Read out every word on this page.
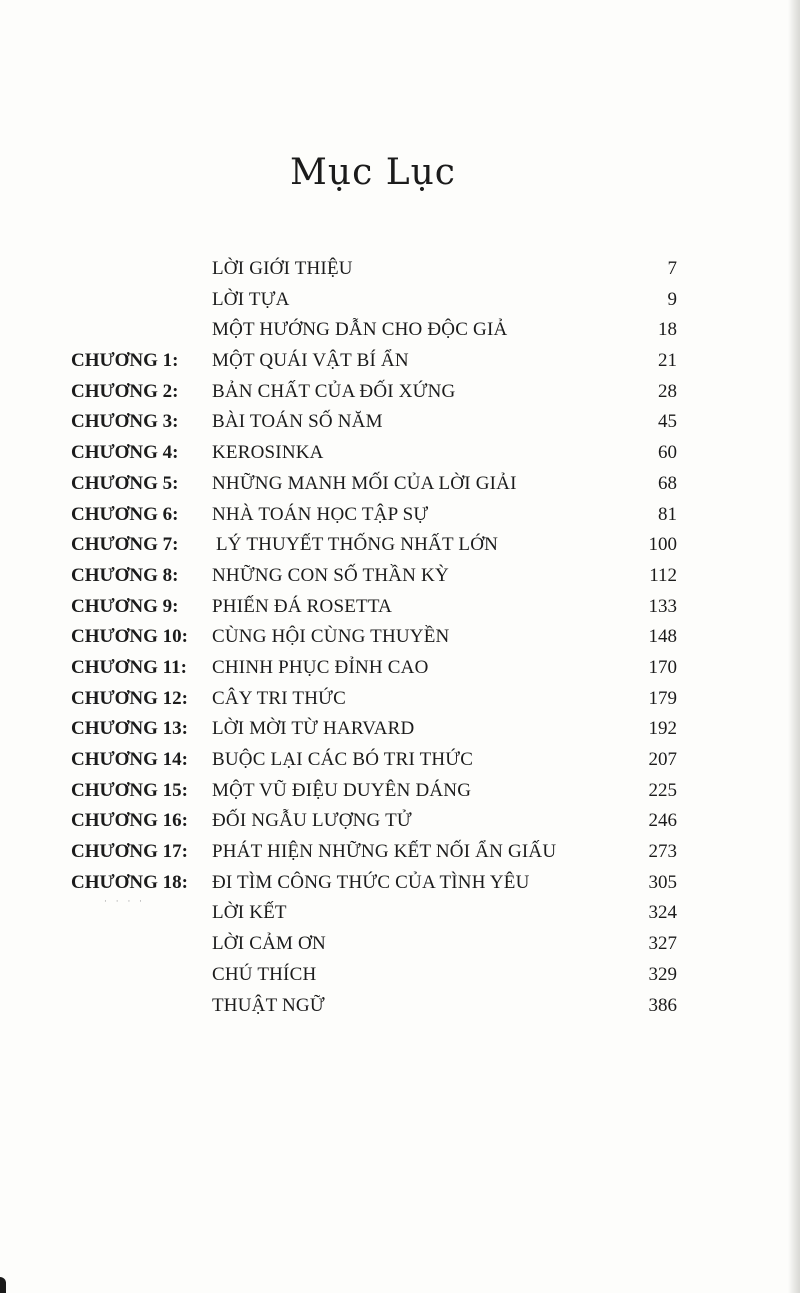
Mục Lục
LỜI GIỚI THIỆU	7
LỜI TỰA	9
MỘT HƯỚNG DẪN CHO ĐỘC GIẢ	18
CHƯƠNG 1: MỘT QUÁI VẬT BÍ ẨN	21
CHƯƠNG 2: BẢN CHẤT CỦA ĐỐI XỨNG	28
CHƯƠNG 3: BÀI TOÁN SỐ NĂM	45
CHƯƠNG 4: KEROSINKA	60
CHƯƠNG 5: NHỮNG MANH MỐI CỦA LỜI GIẢI	68
CHƯƠNG 6: NHÀ TOÁN HỌC TẬP SỰ	81
CHƯƠNG 7: LÝ THUYẾT THỐNG NHẤT LỚN	100
CHƯƠNG 8: NHỮNG CON SỐ THẦN KỲ	112
CHƯƠNG 9: PHIẾN ĐÁ ROSETTA	133
CHƯƠNG 10: CÙNG HỘI CÙNG THUYỀN	148
CHƯƠNG 11: CHINH PHỤC ĐỈNH CAO	170
CHƯƠNG 12: CÂY TRI THỨC	179
CHƯƠNG 13: LỜI MỜI TỪ HARVARD	192
CHƯƠNG 14: BUỘC LẠI CÁC BÓ TRI THỨC	207
CHƯƠNG 15: MỘT VŨ ĐIỆU DUYÊN DÁNG	225
CHƯƠNG 16: ĐỐI NGẪU LƯỢNG TỬ	246
CHƯƠNG 17: PHÁT HIỆN NHỮNG KẾT NỐI ẨN GIẤU	273
CHƯƠNG 18: ĐI TÌM CÔNG THỨC CỦA TÌNH YÊU	305
LỜI KẾT	324
LỜI CẢM ƠN	327
CHÚ THÍCH	329
THUẬT NGỮ	386
· · · ·
